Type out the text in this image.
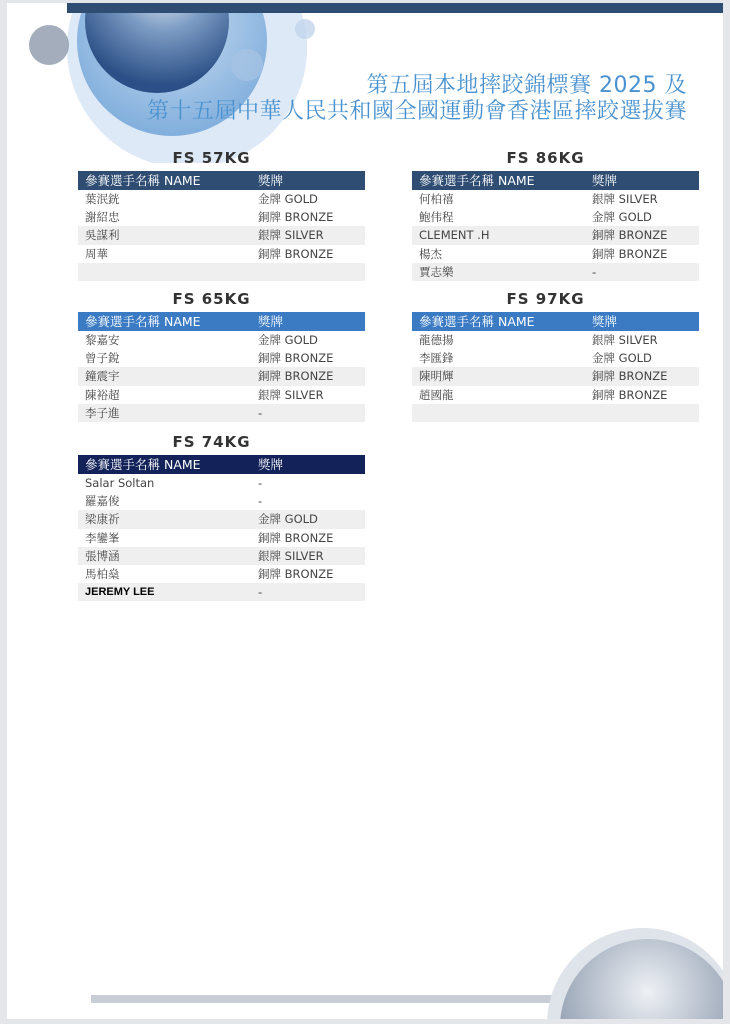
第五屆本地摔跤錦標賽 2025 及
第十五屆中華人民共和國全國運動會香港區摔跤選拔賽
FS 57KG
參賽選手名稱 NAME	獎牌
葉泯銧	金牌 GOLD
謝紹忠	銅牌 BRONZE
吳謀利	銀牌 SILVER
周華	銅牌 BRONZE
FS 86KG
參賽選手名稱 NAME	獎牌
何柏禧	銀牌 SILVER
鮑伟程	金牌 GOLD
CLEMENT .H	銅牌 BRONZE
楊杰	銅牌 BRONZE
賈志樂	-
FS 65KG
參賽選手名稱 NAME	獎牌
黎嘉安	金牌 GOLD
曾子銳	銅牌 BRONZE
鐘震宇	銅牌 BRONZE
陳裕超	銀牌 SILVER
李子進	-
FS 97KG
參賽選手名稱 NAME	獎牌
龍德揚	銀牌 SILVER
李匯鋒	金牌 GOLD
陳明輝	銅牌 BRONZE
趙國龍	銅牌 BRONZE
FS 74KG
參賽選手名稱 NAME	獎牌
Salar Soltan	-
羅嘉俊	-
梁康祈	金牌 GOLD
李鑾峯	銅牌 BRONZE
張博涵	銀牌 SILVER
馬柏燊	銅牌 BRONZE
JEREMY LEE	-
